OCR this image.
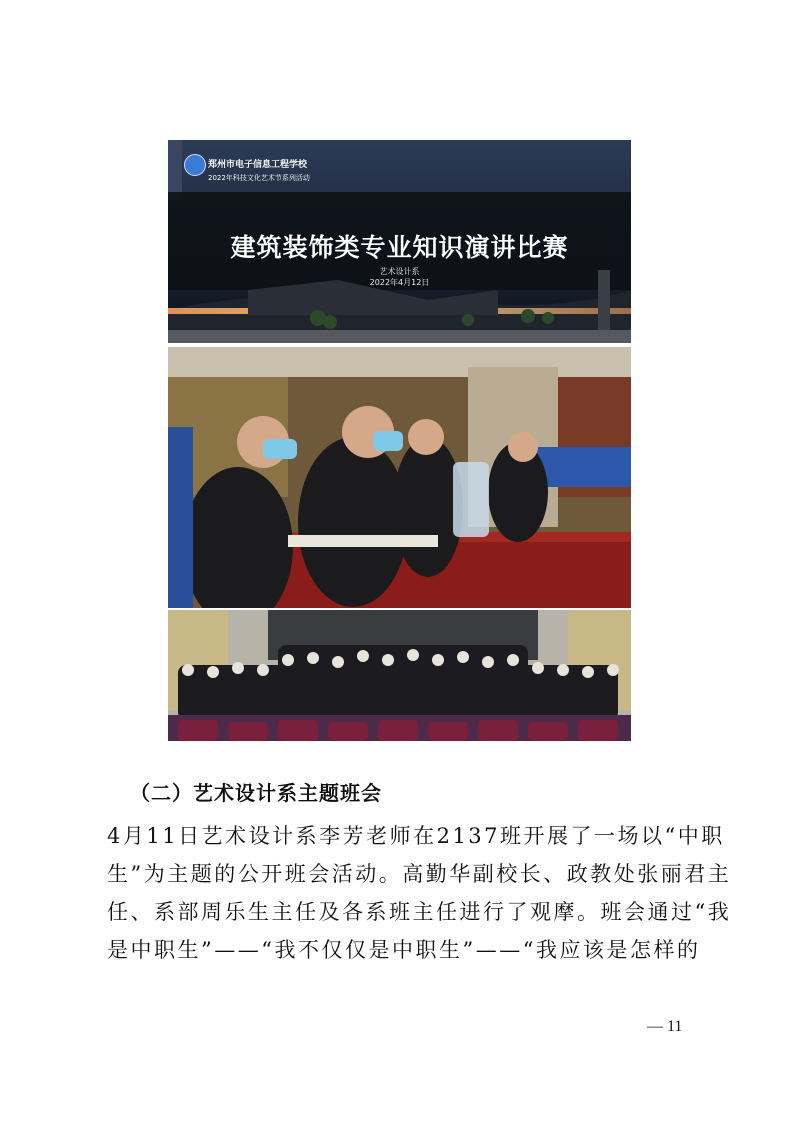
郑州市电子信息工程学校
2022年科技文化艺术节系列活动
建筑装饰类专业知识演讲比赛
艺术设计系
2022年4月12日
（二）艺术设计系主题班会

4月11日艺术设计系李芳老师在2137班开展了一场以“中职

生”为主题的公开班会活动。高勤华副校长、政教处张丽君主

任、系部周乐生主任及各系班主任进行了观摩。班会通过“我

是中职生”——“我不仅仅是中职生”——“我应该是怎样的

— 11
